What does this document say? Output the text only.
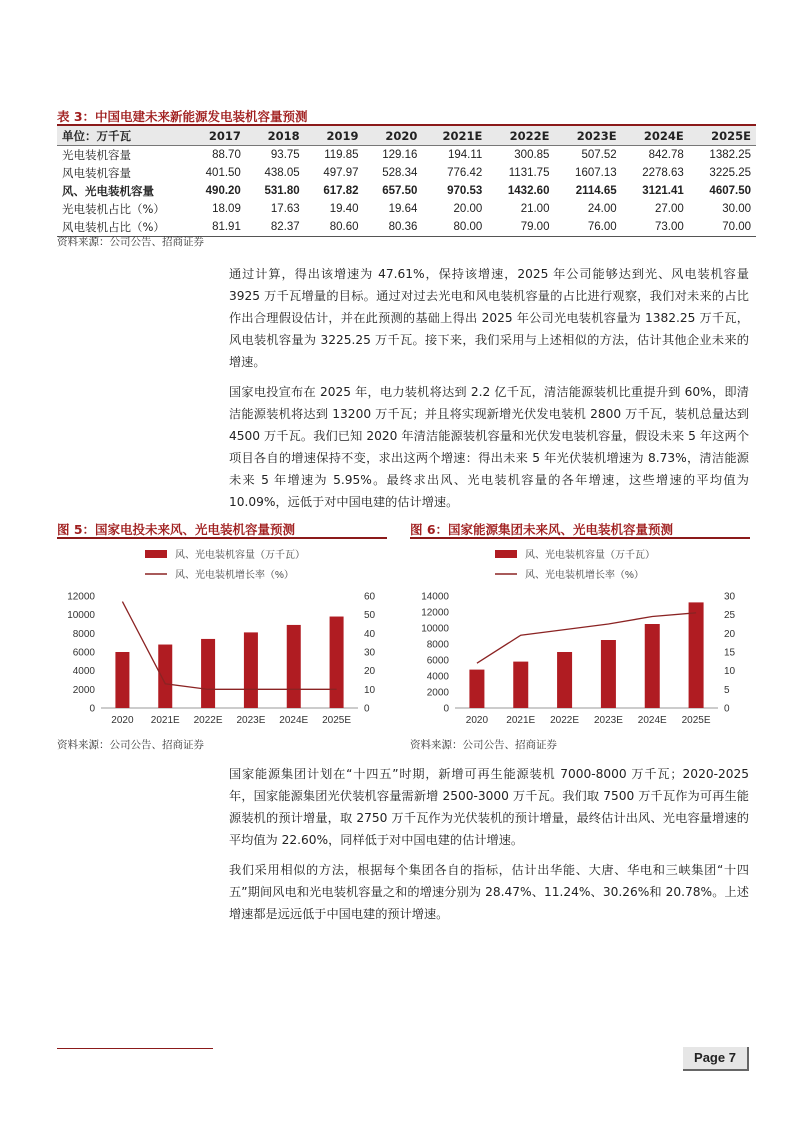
表 3：中国电建未来新能源发电装机容量预测
单位：万千瓦	2017	2018	2019	2020	2021E	2022E	2023E	2024E	2025E
光电装机容量	88.70	93.75	119.85	129.16	194.11	300.85	507.52	842.78	1382.25
风电装机容量	401.50	438.05	497.97	528.34	776.42	1131.75	1607.13	2278.63	3225.25
风、光电装机容量	490.20	531.80	617.82	657.50	970.53	1432.60	2114.65	3121.41	4607.50
光电装机占比（%）	18.09	17.63	19.40	19.64	20.00	21.00	24.00	27.00	30.00
风电装机占比（%）	81.91	82.37	80.60	80.36	80.00	79.00	76.00	73.00	70.00
资料来源：公司公告、招商证券

通过计算，得出该增速为 47.61%，保持该增速，2025 年公司能够达到光、风电装机容量 3925 万千瓦增量的目标。通过对过去光电和风电装机容量的占比进行观察，我们对未来的占比作出合理假设估计，并在此预测的基础上得出 2025 年公司光电装机容量为 1382.25 万千瓦，风电装机容量为 3225.25 万千瓦。接下来，我们采用与上述相似的方法，估计其他企业未来的增速。

国家电投宣布在 2025 年，电力装机将达到 2.2 亿千瓦，清洁能源装机比重提升到 60%，即清洁能源装机将达到 13200 万千瓦；并且将实现新增光伏发电装机 2800 万千瓦，装机总量达到 4500 万千瓦。我们已知 2020 年清洁能源装机容量和光伏发电装机容量，假设未来 5 年这两个项目各自的增速保持不变，求出这两个增速：得出未来 5 年光伏装机增速为 8.73%，清洁能源未来 5 年增速为 5.95%。最终求出风、光电装机容量的各年增速，这些增速的平均值为 10.09%，远低于对中国电建的估计增速。

图 5：国家电投未来风、光电装机容量预测
风、光电装机容量（万千瓦）
风、光电装机增长率（%）
0
2000
4000
6000
8000
10000
12000
0
10
20
30
40
50
60
2020 2021E 2022E 2023E 2024E 2025E
资料来源：公司公告、招商证券
图 6：国家能源集团未来风、光电装机容量预测
风、光电装机容量（万千瓦）
风、光电装机增长率（%）
0
2000
4000
6000
8000
10000
12000
14000
0
5
10
15
20
25
30
2020 2021E 2022E 2023E 2024E 2025E
资料来源：公司公告、招商证券

国家能源集团计划在“十四五”时期，新增可再生能源装机 7000-8000 万千瓦；2020-2025 年，国家能源集团光伏装机容量需新增 2500-3000 万千瓦。我们取 7500 万千瓦作为可再生能源装机的预计增量，取 2750 万千瓦作为光伏装机的预计增量，最终估计出风、光电容量增速的平均值为 22.60%，同样低于对中国电建的估计增速。

我们采用相似的方法，根据每个集团各自的指标，估计出华能、大唐、华电和三峡集团“十四五”期间风电和光电装机容量之和的增速分别为 28.47%、11.24%、30.26%和 20.78%。上述增速都是远远低于中国电建的预计增速。

Page 7
